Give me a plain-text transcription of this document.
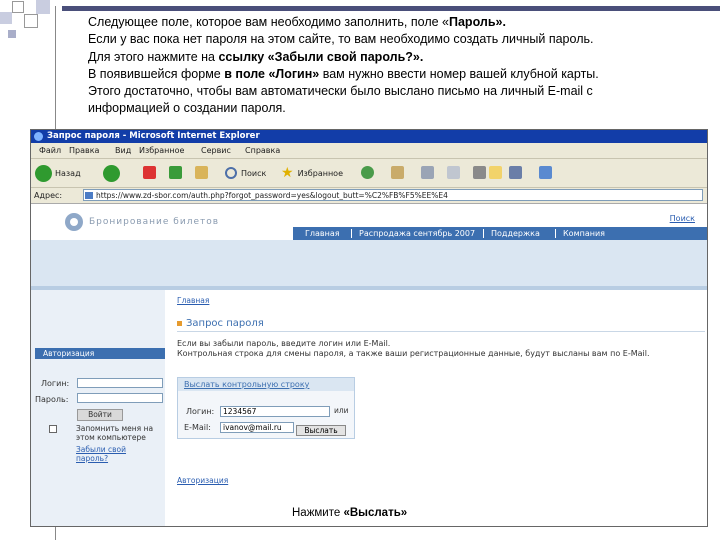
Следующее поле, которое вам необходимо заполнить, поле «Пароль».

Если у вас пока нет пароля на этом сайте, то вам необходимо создать личный пароль.

Для этого нажмите на ссылку «Забыли свой пароль?».

В появившейся форме в поле «Логин» вам нужно ввести номер вашей клубной карты.

Этого достаточно, чтобы вам автоматически было выслано письмо на личный E-mail с

информацией о создании пароля.

Запрос пароля - Microsoft Internet Explorer
Файл Правка Вид Избранное Сервис Справка
Назад	Поиск ★ Избранное
Адрес:	https://www.zd-sbor.com/auth.php?forgot_password=yes&logout_butt=%C2%FB%F5%EE%E4
Бронирование билетов	Поиск
Главная Распродажа сентябрь 2007 Поддержка	Компания
Авторизация
Логин:
Пароль:
Войти
Запомнить меня на
этом компьютере
Забыли свой
пароль?
Главная
Запрос пароля
Если вы забыли пароль, введите логин или E-Mail.
Контрольная строка для смены пароля, а также ваши регистрационные данные, будут высланы вам по E-Mail.
Выслать контрольную строку
Логин:	1234567	или
E-Mail:	ivanov@mail.ru	Выслать
Авторизация
Нажмите «Выслать»
